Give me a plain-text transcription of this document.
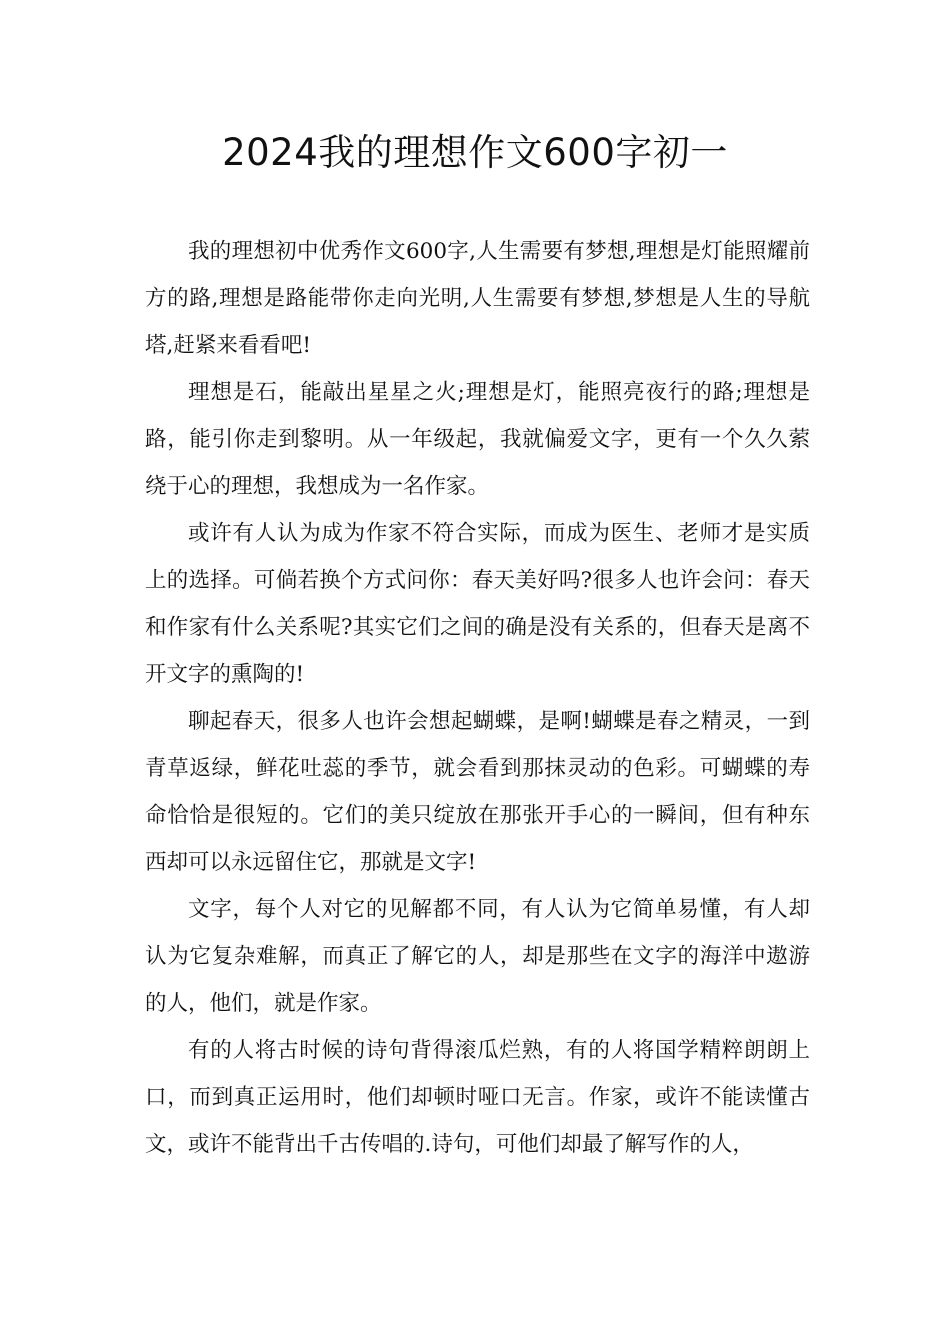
2024我的理想作文600字初一

我的理想初中优秀作文600字,人生需要有梦想,理想是灯能照耀前方的路,理想是路能带你走向光明,人生需要有梦想,梦想是人生的导航塔,赶紧来看看吧!

理想是石，能敲出星星之火;理想是灯，能照亮夜行的路;理想是路，能引你走到黎明。从一年级起，我就偏爱文字，更有一个久久萦绕于心的理想，我想成为一名作家。

或许有人认为成为作家不符合实际，而成为医生、老师才是实质上的选择。可倘若换个方式问你：春天美好吗?很多人也许会问：春天和作家有什么关系呢?其实它们之间的确是没有关系的，但春天是离不开文字的熏陶的!

聊起春天，很多人也许会想起蝴蝶，是啊!蝴蝶是春之精灵，一到青草返绿，鲜花吐蕊的季节，就会看到那抹灵动的色彩。可蝴蝶的寿命恰恰是很短的。它们的美只绽放在那张开手心的一瞬间，但有种东西却可以永远留住它，那就是文字!

文字，每个人对它的见解都不同，有人认为它简单易懂，有人却认为它复杂难解，而真正了解它的人，却是那些在文字的海洋中遨游的人，他们，就是作家。

有的人将古时候的诗句背得滚瓜烂熟，有的人将国学精粹朗朗上口，而到真正运用时，他们却顿时哑口无言。作家，或许不能读懂古文，或许不能背出千古传唱的.诗句，可他们却最了解写作的人，
